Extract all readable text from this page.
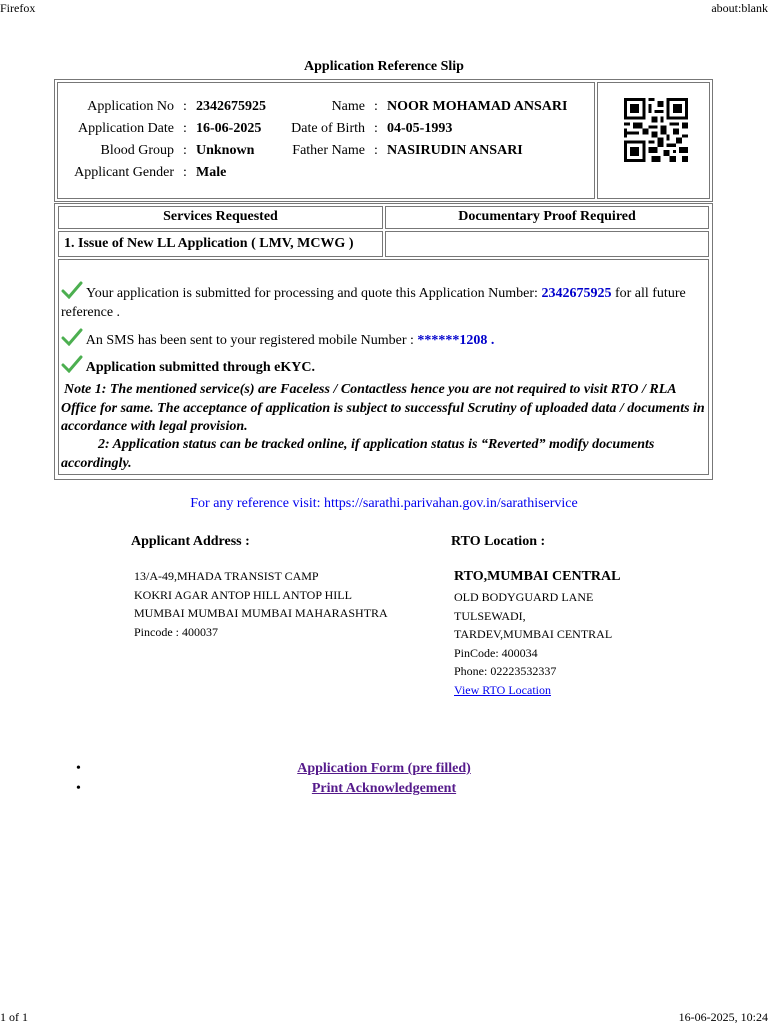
Firefox	about:blank
Application Reference Slip
Application No : 2342675925
Application Date : 16-06-2025
Blood Group : Unknown
Applicant Gender : Male
Name : NOOR MOHAMAD ANSARI
Date of Birth : 04-05-1993
Father Name : NASIRUDIN ANSARI
Services Requested	Documentary Proof Required
1. Issue of New LL Application ( LMV, MCWG )
Your application is submitted for processing and quote this Application Number: 2342675925 for all future reference .
An SMS has been sent to your registered mobile Number : ******1208 .
Application submitted through eKYC.
Note 1: The mentioned service(s) are Faceless / Contactless hence you are not required to visit RTO / RLA Office for same. The acceptance of application is subject to successful Scrutiny of uploaded data / documents in accordance with legal provision.
2: Application status can be tracked online, if application status is “Reverted” modify documents accordingly.
For any reference visit: https://sarathi.parivahan.gov.in/sarathiservice
Applicant Address :
13/A-49,MHADA TRANSIST CAMP
KOKRI AGAR ANTOP HILL ANTOP HILL
MUMBAI MUMBAI MUMBAI MAHARASHTRA
Pincode : 400037
RTO Location :
RTO,MUMBAI CENTRAL
OLD BODYGUARD LANE
TULSEWADI,
TARDEV,MUMBAI CENTRAL
PinCode: 400034
Phone: 02223532337
View RTO Location
•	Application Form (pre filled)
•	Print Acknowledgement
1 of 1	16-06-2025, 10:24
